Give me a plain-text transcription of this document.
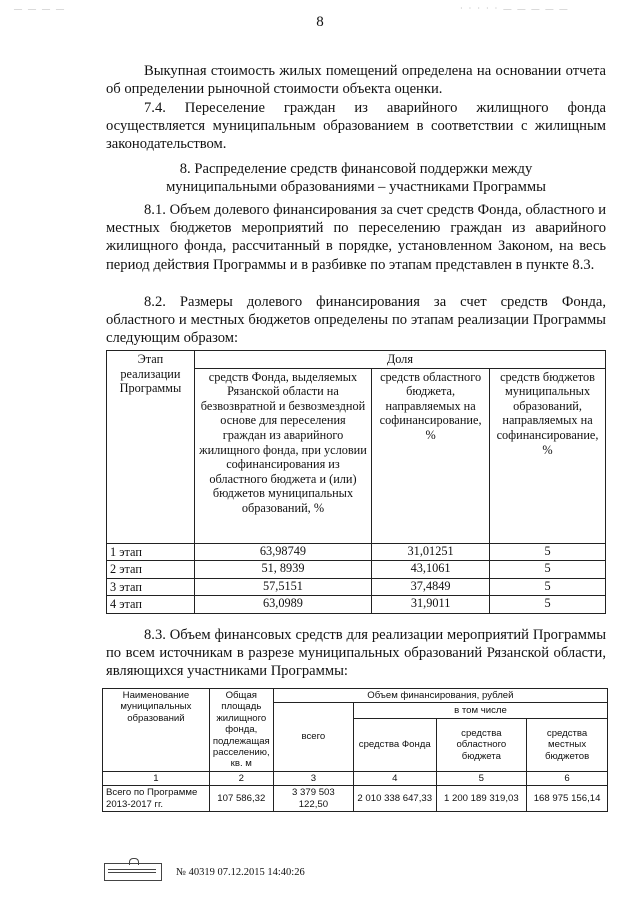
— — — —	· · · · · — — — — —
8
Выкупная стоимость жилых помещений определена на основании отчета об определении рыночной стоимости объекта оценки.
7.4. Переселение граждан из аварийного жилищного фонда осуществляется муниципальным образованием в соответствии с жилищным законодательством.
8. Распределение средств финансовой поддержки между
муниципальными образованиями – участниками Программы
8.1. Объем долевого финансирования за счет средств Фонда, областного и местных бюджетов мероприятий по переселению граждан из аварийного жилищного фонда, рассчитанный в порядке, установленном Законом, на весь период действия Программы и в разбивке по этапам представлен в пункте 8.3.
8.2. Размеры долевого финансирования за счет средств Фонда, областного и местных бюджетов определены по этапам реализации Программы следующим образом:
Этап реализации Программы	Доля		
	средств Фонда, выделяемых Рязанской области на безвозвратной и безвозмездной основе для переселения граждан из аварийного жилищного фонда, при условии софинансирования из областного бюджета и (или) бюджетов муниципальных образований, %	средств областного бюджета, направляемых на софинансирование, %	средств бюджетов муниципальных образований, направляемых на софинансирование, %
1 этап	63,98749	31,01251	5
2 этап	51, 8939	43,1061	5
3 этап	57,5151	37,4849	5
4 этап	63,0989	31,9011	5
8.3. Объем финансовых средств для реализации мероприятий Программы по всем источникам в разрезе муниципальных образований Рязанской области, являющихся участниками Программы:
Наименование муниципальных образований	Общая площадь жилищного фонда, подлежащая расселению, кв. м	Объем финансирования, рублей			
		всего	в том числе		
			средства Фонда	средства областного бюджета	средства местных бюджетов
1	2	3	4	5	6
Всего по Программе 2013-2017 гг.	107 586,32	3 379 503 122,50	2 010 338 647,33	1 200 189 319,03	168 975 156,14
№ 40319 07.12.2015 14:40:26
